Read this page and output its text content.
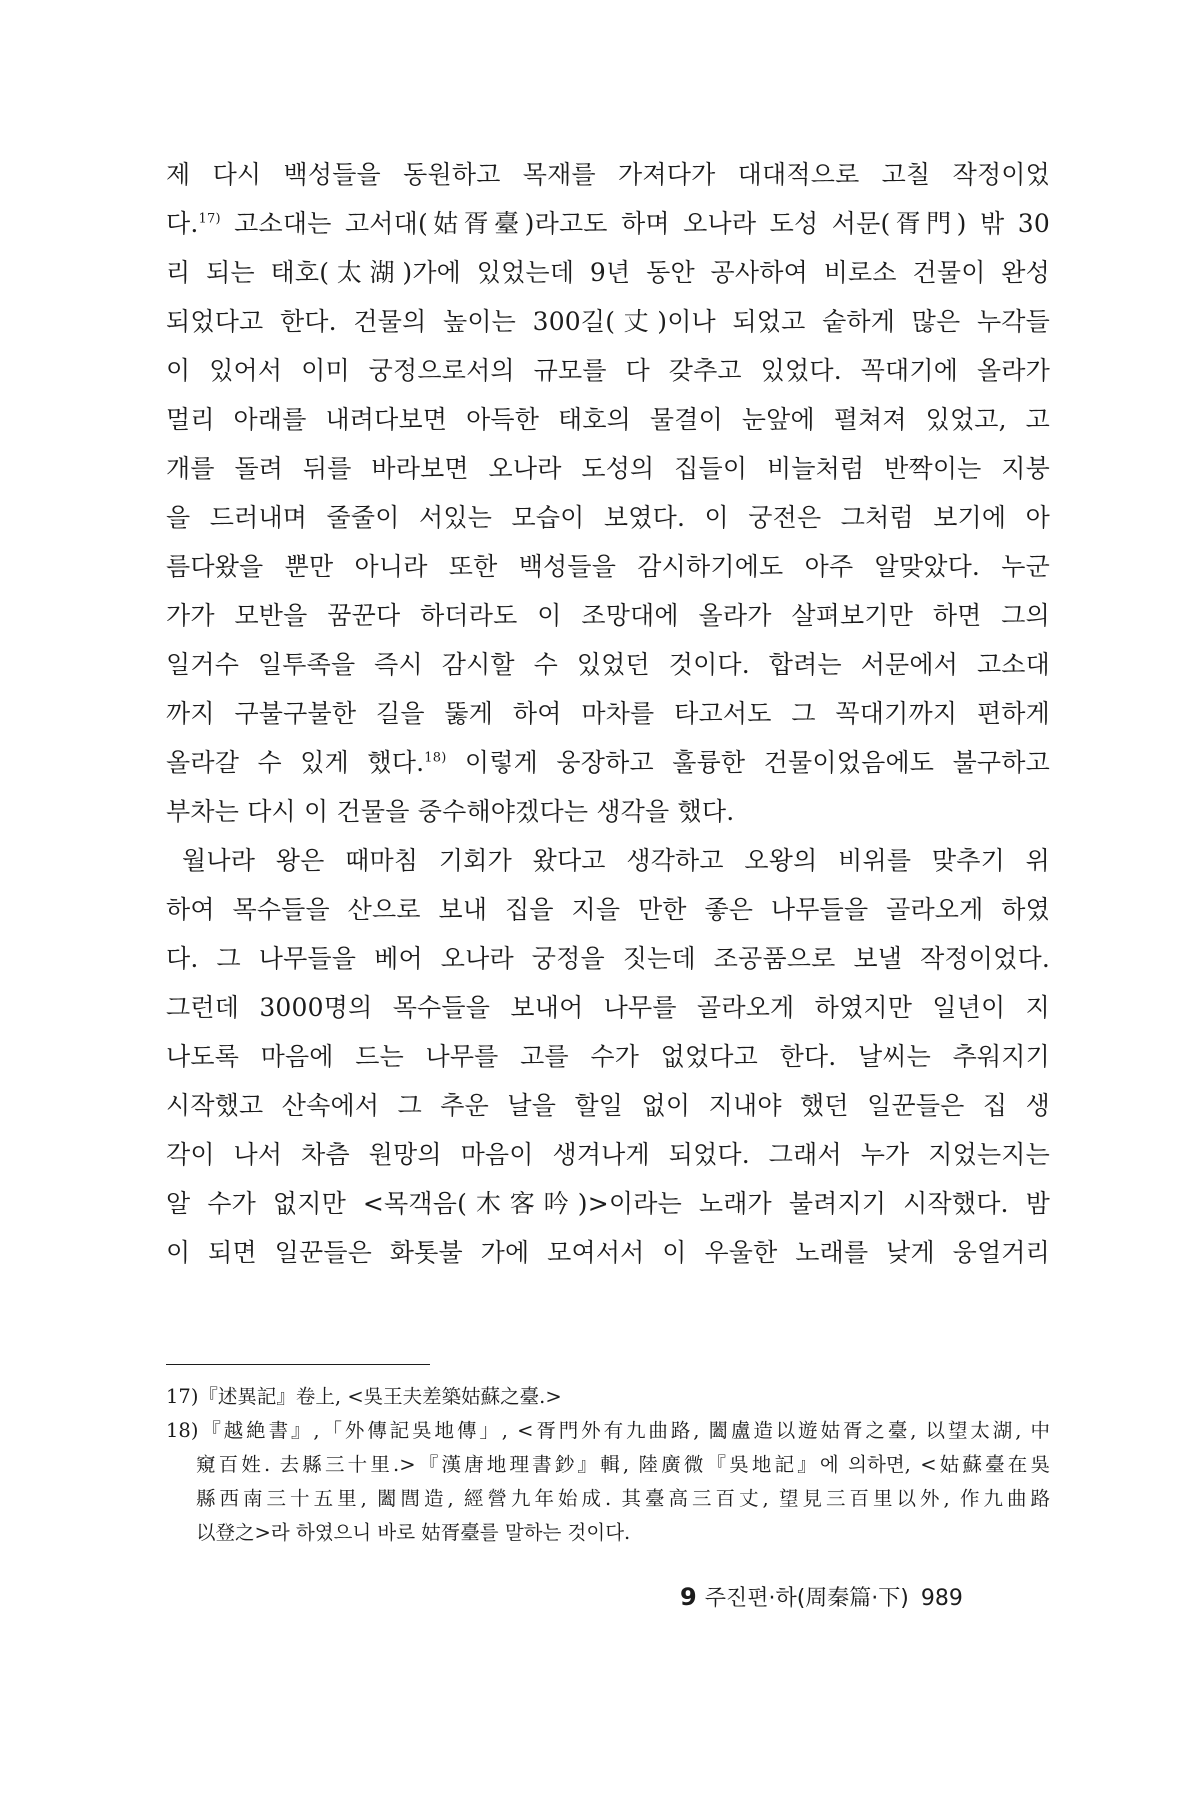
제 다시 백성들을 동원하고 목재를 가져다가 대대적으로 고칠 작정이었
다.$^{17)}$ 고소대는 고서대(姑胥臺)라고도 하며 오나라 도성 서문(胥門) 밖 30
리 되는 태호(太湖)가에 있었는데 9년 동안 공사하여 비로소 건물이 완성
되었다고 한다. 건물의 높이는 300길(丈)이나 되었고 숱하게 많은 누각들
이 있어서 이미 궁정으로서의 규모를 다 갖추고 있었다. 꼭대기에 올라가
멀리 아래를 내려다보면 아득한 태호의 물결이 눈앞에 펼쳐져 있었고, 고
개를 돌려 뒤를 바라보면 오나라 도성의 집들이 비늘처럼 반짝이는 지붕
을 드러내며 줄줄이 서있는 모습이 보였다. 이 궁전은 그처럼 보기에 아
름다왔을 뿐만 아니라 또한 백성들을 감시하기에도 아주 알맞았다. 누군
가가 모반을 꿈꾼다 하더라도 이 조망대에 올라가 살펴보기만 하면 그의
일거수 일투족을 즉시 감시할 수 있었던 것이다. 합려는 서문에서 고소대
까지 구불구불한 길을 뚫게 하여 마차를 타고서도 그 꼭대기까지 편하게
올라갈 수 있게 했다.$^{18)}$ 이렇게 웅장하고 훌륭한 건물이었음에도 불구하고
부차는 다시 이 건물을 중수해야겠다는 생각을 했다.
월나라 왕은 때마침 기회가 왔다고 생각하고 오왕의 비위를 맞추기 위
하여 목수들을 산으로 보내 집을 지을 만한 좋은 나무들을 골라오게 하였
다. 그 나무들을 베어 오나라 궁정을 짓는데 조공품으로 보낼 작정이었다.
그런데 3000명의 목수들을 보내어 나무를 골라오게 하였지만 일년이 지
나도록 마음에 드는 나무를 고를 수가 없었다고 한다. 날씨는 추워지기
시작했고 산속에서 그 추운 날을 할일 없이 지내야 했던 일꾼들은 집 생
각이 나서 차츰 원망의 마음이 생겨나게 되었다. 그래서 누가 지었는지는
알 수가 없지만 <목객음(木客吟)>이라는 노래가 불려지기 시작했다. 밤
이 되면 일꾼들은 화톳불 가에 모여서서 이 우울한 노래를 낮게 웅얼거리
17)『述異記』卷上, <吳王夫差築姑蘇之臺.>
18)『越絶書』,「外傳記吳地傳」, <胥門外有九曲路, 闔盧造以遊姑胥之臺, 以望太湖, 中
窺百姓. 去縣三十里.>『漢唐地理書鈔』輯, 陸廣微『吳地記』에 의하면, <姑蘇臺在吳
縣西南三十五里, 闔閭造, 經營九年始成. 其臺高三百丈, 望見三百里以外, 作九曲路
以登之>라 하였으니 바로 姑胥臺를 말하는 것이다.
9 주진편·하(周秦篇·下) 989
